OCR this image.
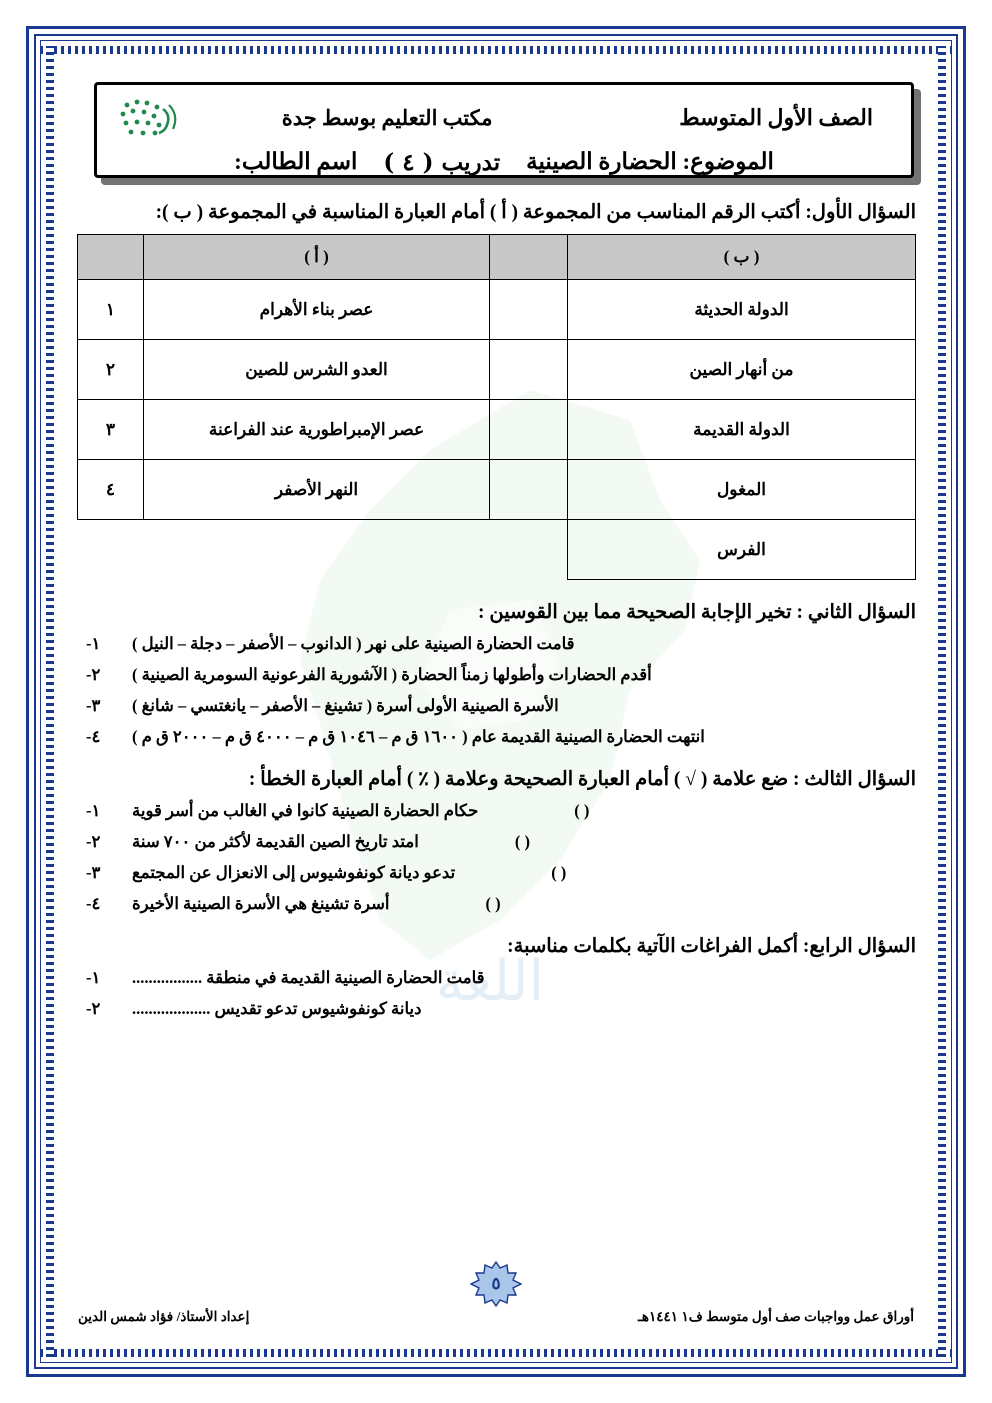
اللغة
الصف الأول المتوسط
مكتب التعليم بوسط جدة
الموضوع: الحضارة الصينية
تدريب ( ٤ )
اسم الطالب:
السؤال الأول: أكتب الرقم المناسب من المجموعة ( أ ) أمام العبارة المناسبة في المجموعة ( ب ):
( ب )		( أ )	
الدولة الحديثة		عصر بناء الأهرام	١
من أنهار الصين		العدو الشرس للصين	٢
الدولة القديمة		عصر الإمبراطورية عند الفراعنة	٣
المغول		النهر الأصفر	٤
الفرس			
السؤال الثاني : تخير الإجابة الصحيحة مما بين القوسين :
قامت الحضارة الصينية على نهر ( الدانوب – الأصفر – دجلة – النيل )
١-
أقدم الحضارات وأطولها زمناً الحضارة ( الآشورية الفرعونية السومرية الصينية )
٢-
الأسرة الصينية الأولى أسرة ( تشينغ – الأصفر – يانغتسي – شانغ )
٣-
انتهت الحضارة الصينية القديمة عام ( ١٦٠٠ ق م – ١٠٤٦ ق م – ٤٠٠٠ ق م – ٢٠٠٠ ق م )
٤-
السؤال الثالث : ضع علامة ( √ ) أمام العبارة الصحيحة وعلامة ( ٪ ) أمام العبارة الخطأ :
( )
حكام الحضارة الصينية كانوا في الغالب من أسر قوية
١-
( )
امتد تاريخ الصين القديمة لأكثر من ٧٠٠ سنة
٢-
( )
تدعو ديانة كونفوشيوس إلى الانعزال عن المجتمع
٣-
( )
أسرة تشينغ هي الأسرة الصينية الأخيرة
٤-
السؤال الرابع: أكمل الفراغات الآتية بكلمات مناسبة:
قامت الحضارة الصينية القديمة في منطقة .................
١-
ديانة كونفوشيوس تدعو تقديس ...................
٢-
٥
أوراق عمل وواجبات صف أول متوسط ف١ ١٤٤١هـ
إعداد الأستاذ/ فؤاد شمس الدين
